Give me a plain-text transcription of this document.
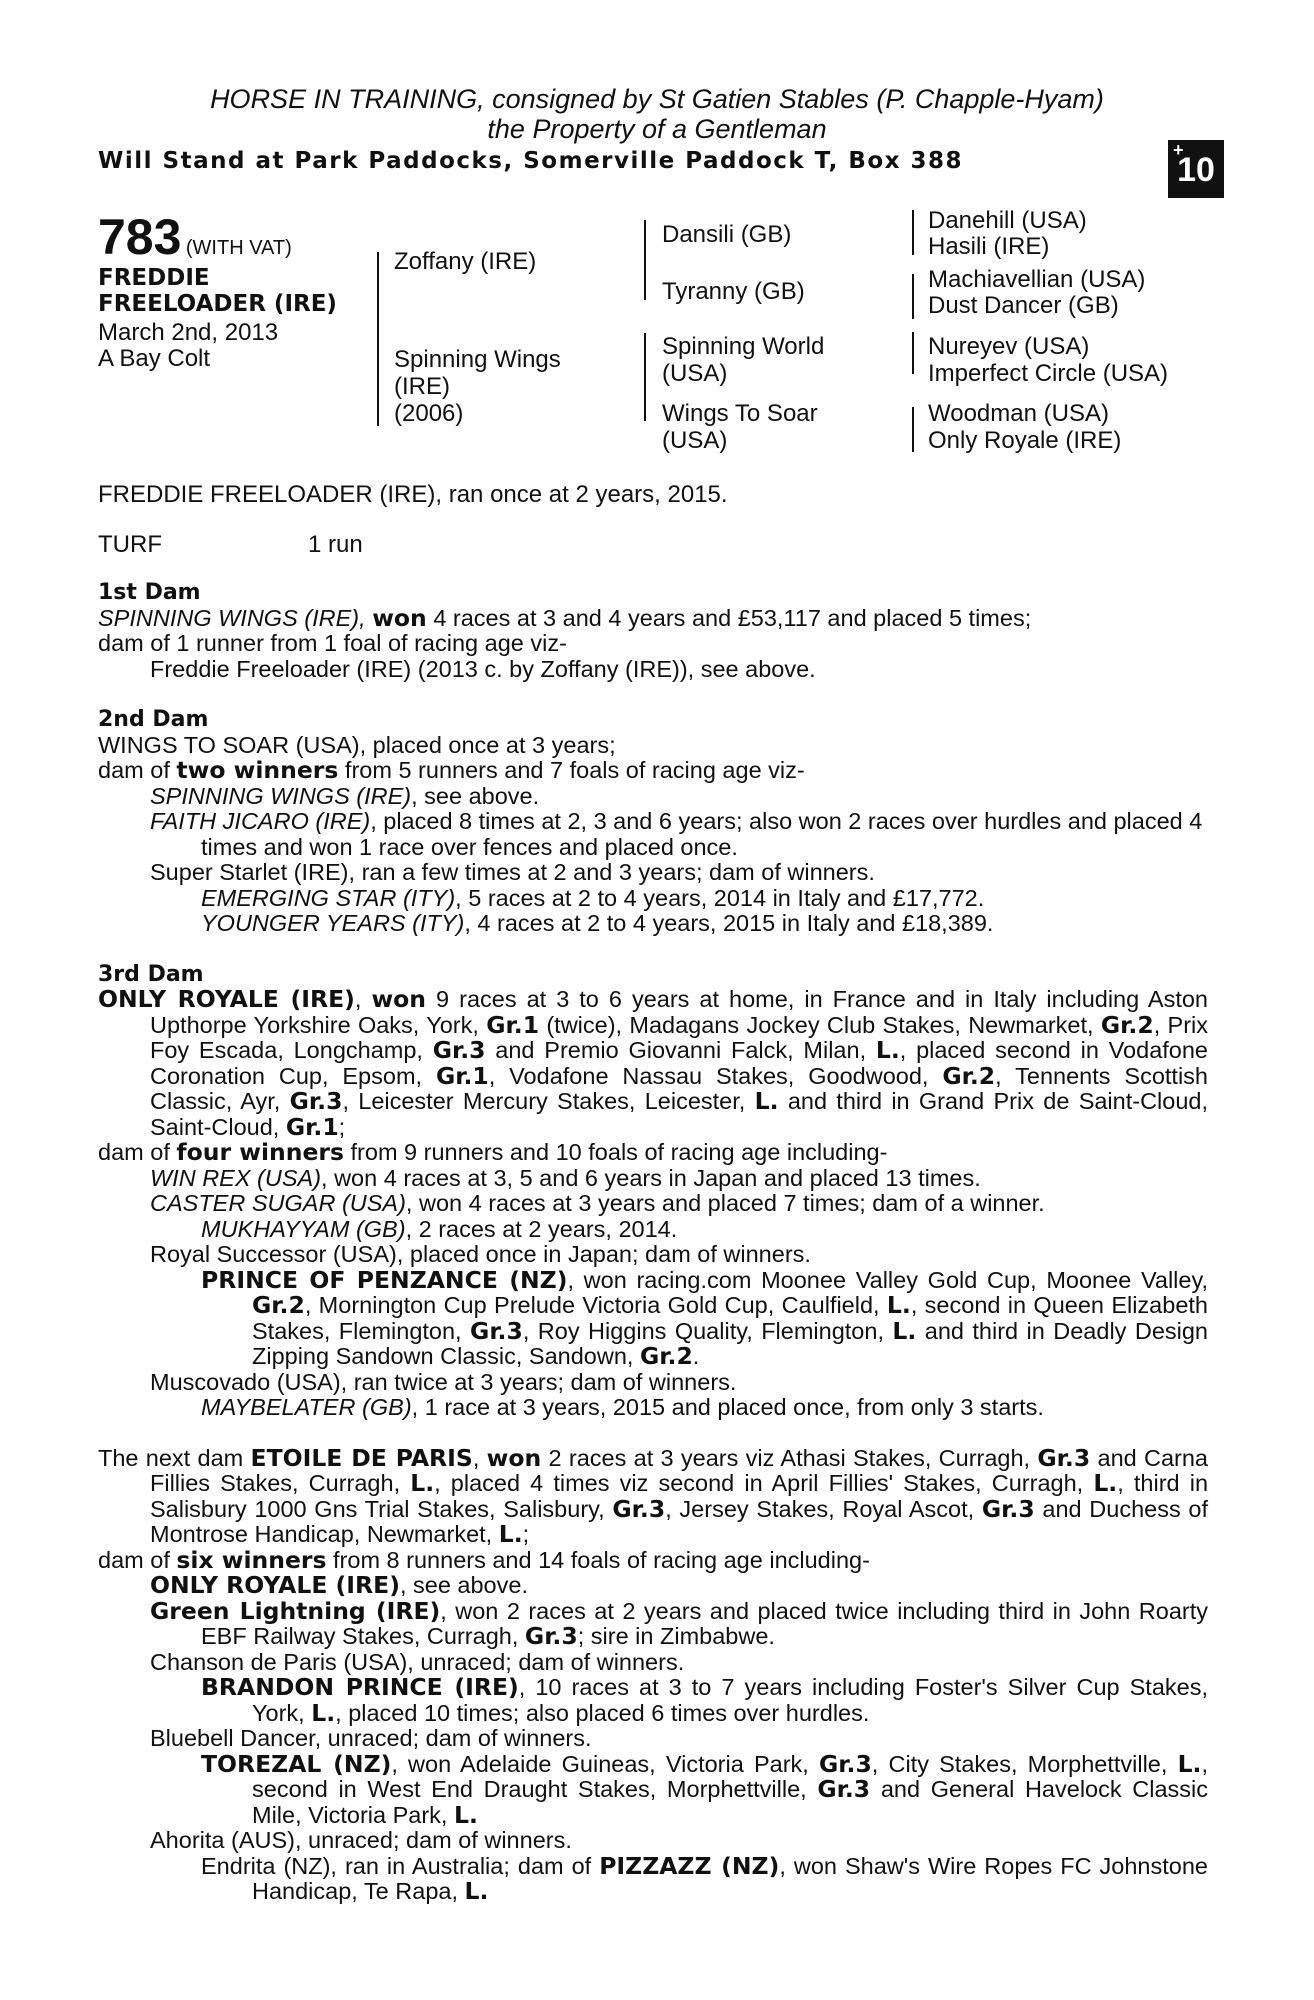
HORSE IN TRAINING, consigned by St Gatien Stables (P. Chapple-Hyam)
the Property of a Gentleman
Will Stand at Park Paddocks, Somerville Paddock T, Box 388	+
10
783 (WITH VAT)
FREDDIE
FREELOADER (IRE)
March 2nd, 2013
A Bay Colt
Zoffany (IRE)
Spinning Wings
(IRE)
(2006)
Dansili (GB)
Tyranny (GB)
Spinning World
(USA)
Wings To Soar
(USA)
Danehill (USA)
Hasili (IRE)
Machiavellian (USA)
Dust Dancer (GB)
Nureyev (USA)
Imperfect Circle (USA)
Woodman (USA)
Only Royale (IRE)
FREDDIE FREELOADER (IRE), ran once at 2 years, 2015.
TURF	1 run

1st Dam

SPINNING WINGS (IRE), won 4 races at 3 and 4 years and £53,117 and placed 5 times;

dam of 1 runner from 1 foal of racing age viz-

Freddie Freeloader (IRE) (2013 c. by Zoffany (IRE)), see above.

2nd Dam

WINGS TO SOAR (USA), placed once at 3 years;

dam of two winners from 5 runners and 7 foals of racing age viz-

SPINNING WINGS (IRE), see above.

FAITH JICARO (IRE), placed 8 times at 2, 3 and 6 years; also won 2 races over hurdles and placed 4 times and won 1 race over fences and placed once.

Super Starlet (IRE), ran a few times at 2 and 3 years; dam of winners.

EMERGING STAR (ITY), 5 races at 2 to 4 years, 2014 in Italy and £17,772.

YOUNGER YEARS (ITY), 4 races at 2 to 4 years, 2015 in Italy and £18,389.

3rd Dam

ONLY ROYALE (IRE), won 9 races at 3 to 6 years at home, in France and in Italy including Aston Upthorpe Yorkshire Oaks, York, Gr.1 (twice), Madagans Jockey Club Stakes, Newmarket, Gr.2, Prix Foy Escada, Longchamp, Gr.3 and Premio Giovanni Falck, Milan, L., placed second in Vodafone Coronation Cup, Epsom, Gr.1, Vodafone Nassau Stakes, Goodwood, Gr.2, Tennents Scottish Classic, Ayr, Gr.3, Leicester Mercury Stakes, Leicester, L. and third in Grand Prix de Saint-Cloud, Saint-Cloud, Gr.1;

dam of four winners from 9 runners and 10 foals of racing age including-

WIN REX (USA), won 4 races at 3, 5 and 6 years in Japan and placed 13 times.

CASTER SUGAR (USA), won 4 races at 3 years and placed 7 times; dam of a winner.

MUKHAYYAM (GB), 2 races at 2 years, 2014.

Royal Successor (USA), placed once in Japan; dam of winners.

PRINCE OF PENZANCE (NZ), won racing.com Moonee Valley Gold Cup, Moonee Valley, Gr.2, Mornington Cup Prelude Victoria Gold Cup, Caulfield, L., second in Queen Elizabeth Stakes, Flemington, Gr.3, Roy Higgins Quality, Flemington, L. and third in Deadly Design Zipping Sandown Classic, Sandown, Gr.2.

Muscovado (USA), ran twice at 3 years; dam of winners.

MAYBELATER (GB), 1 race at 3 years, 2015 and placed once, from only 3 starts.

The next dam ETOILE DE PARIS, won 2 races at 3 years viz Athasi Stakes, Curragh, Gr.3 and Carna Fillies Stakes, Curragh, L., placed 4 times viz second in April Fillies' Stakes, Curragh, L., third in Salisbury 1000 Gns Trial Stakes, Salisbury, Gr.3, Jersey Stakes, Royal Ascot, Gr.3 and Duchess of Montrose Handicap, Newmarket, L.;

dam of six winners from 8 runners and 14 foals of racing age including-

ONLY ROYALE (IRE), see above.

Green Lightning (IRE), won 2 races at 2 years and placed twice including third in John Roarty EBF Railway Stakes, Curragh, Gr.3; sire in Zimbabwe.

Chanson de Paris (USA), unraced; dam of winners.

BRANDON PRINCE (IRE), 10 races at 3 to 7 years including Foster's Silver Cup Stakes, York, L., placed 10 times; also placed 6 times over hurdles.

Bluebell Dancer, unraced; dam of winners.

TOREZAL (NZ), won Adelaide Guineas, Victoria Park, Gr.3, City Stakes, Morphettville, L., second in West End Draught Stakes, Morphettville, Gr.3 and General Havelock Classic Mile, Victoria Park, L.

Ahorita (AUS), unraced; dam of winners.

Endrita (NZ), ran in Australia; dam of PIZZAZZ (NZ), won Shaw's Wire Ropes FC Johnstone Handicap, Te Rapa, L.
